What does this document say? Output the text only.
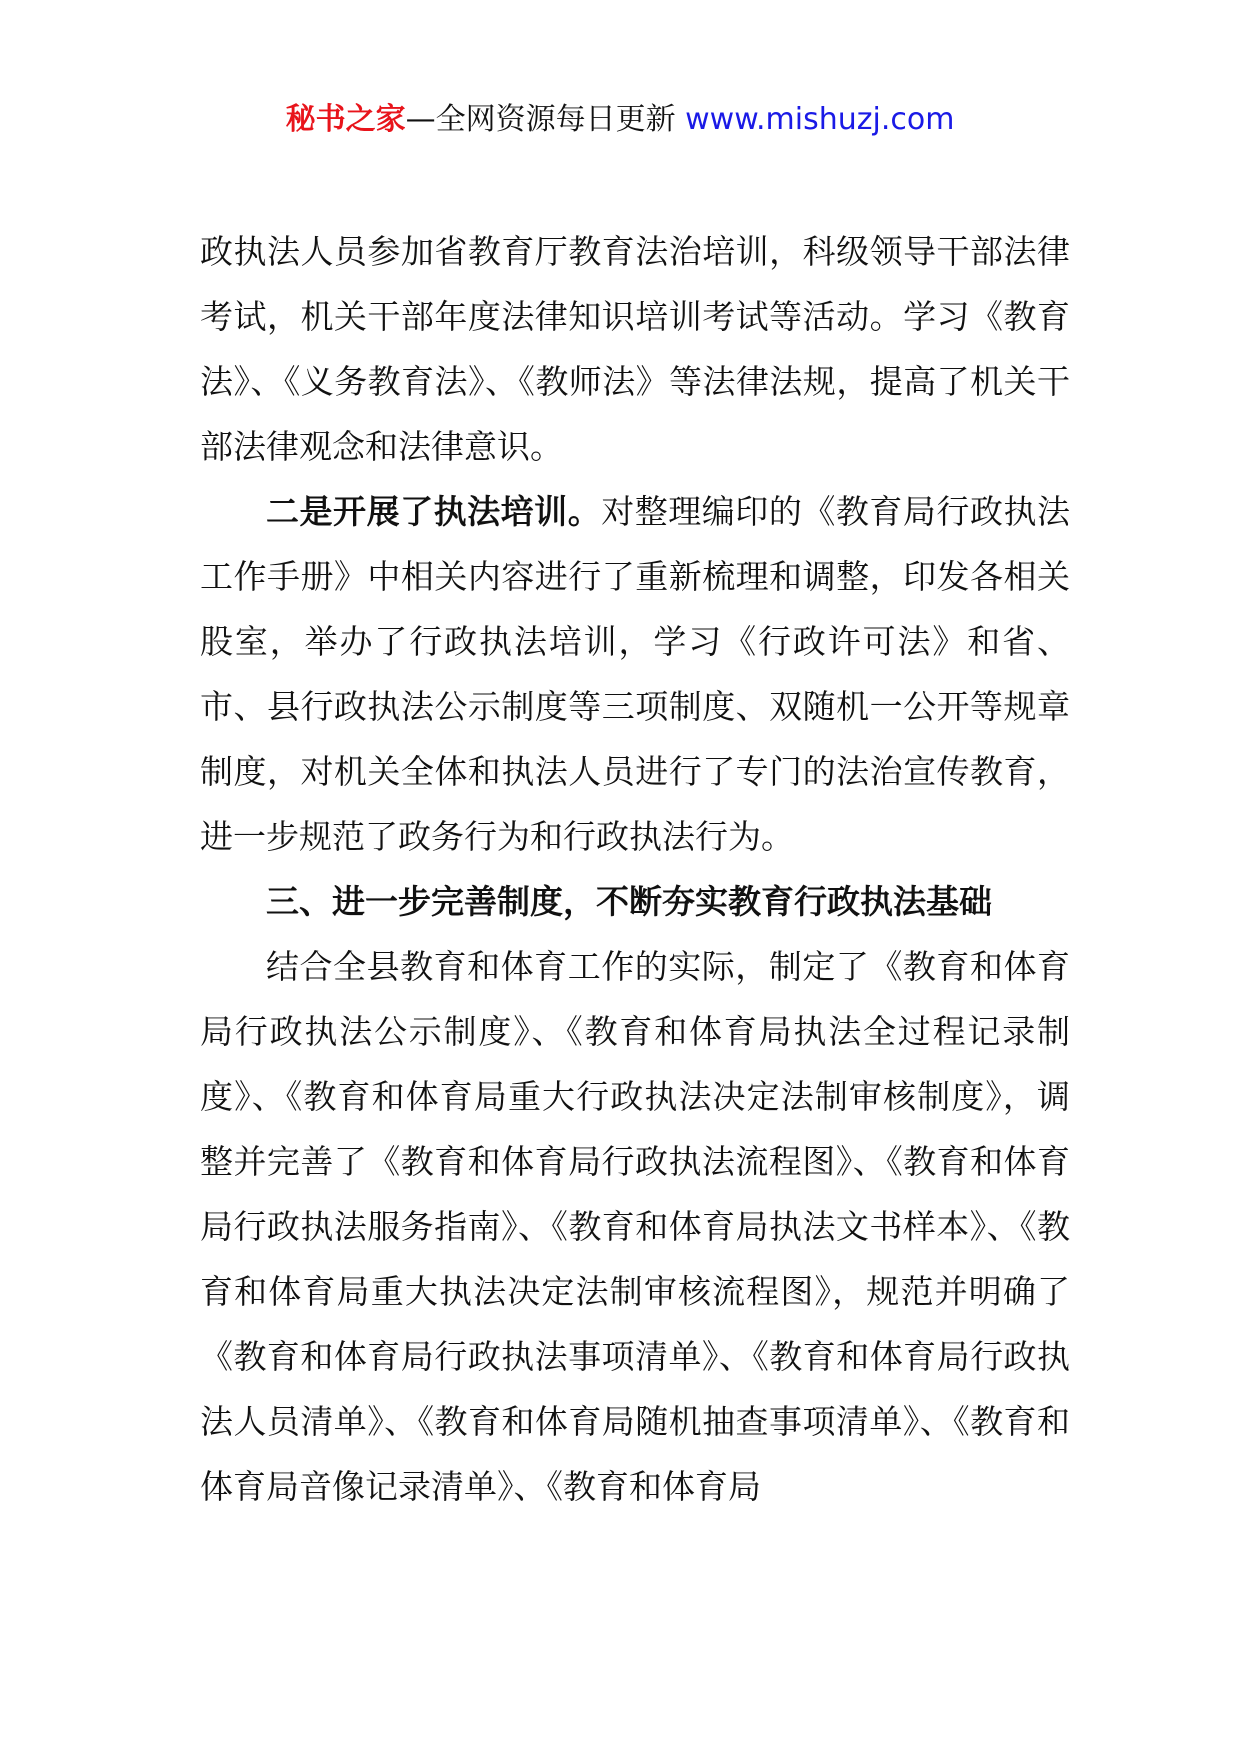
秘书之家—全网资源每日更新 www.mishuzj.com

政执法人员参加省教育厅教育法治培训，科级领导干部法律考试，机关干部年度法律知识培训考试等活动。学习《教育法》、《义务教育法》、《教师法》等法律法规，提高了机关干部法律观念和法律意识。

二是开展了执法培训。对整理编印的《教育局行政执法工作手册》中相关内容进行了重新梳理和调整，印发各相关股室，举办了行政执法培训，学习《行政许可法》和省、市、县行政执法公示制度等三项制度、双随机一公开等规章制度，对机关全体和执法人员进行了专门的法治宣传教育，进一步规范了政务行为和行政执法行为。

三、进一步完善制度，不断夯实教育行政执法基础

结合全县教育和体育工作的实际，制定了《教育和体育局行政执法公示制度》、《教育和体育局执法全过程记录制度》、《教育和体育局重大行政执法决定法制审核制度》，调整并完善了《教育和体育局行政执法流程图》、《教育和体育局行政执法服务指南》、《教育和体育局执法文书样本》、《教育和体育局重大执法决定法制审核流程图》，规范并明确了《教育和体育局行政执法事项清单》、《教育和体育局行政执法人员清单》、《教育和体育局随机抽查事项清单》、《教育和体育局音像记录清单》、《教育和体育局
